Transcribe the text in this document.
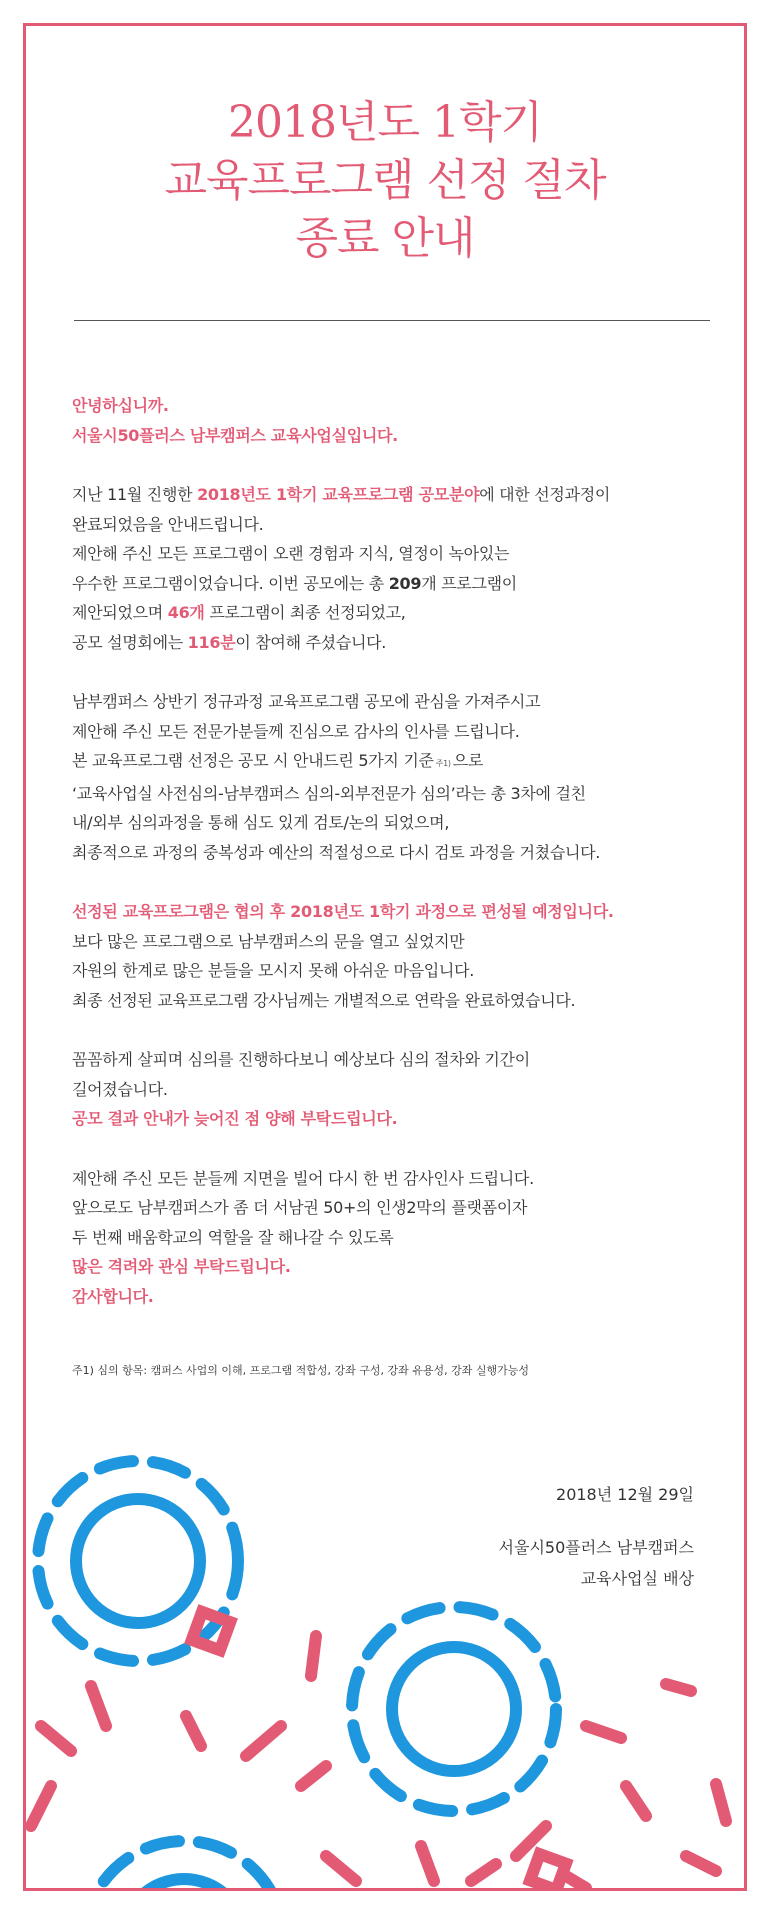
2018년도 1학기
교육프로그램 선정 절차
종료 안내

안녕하십니까.
서울시50플러스 남부캠퍼스 교육사업실입니다.

지난 11월 진행한 2018년도 1학기 교육프로그램 공모분야에 대한 선정과정이
완료되었음을 안내드립니다.
제안해 주신 모든 프로그램이 오랜 경험과 지식, 열정이 녹아있는
우수한 프로그램이었습니다. 이번 공모에는 총 209개 프로그램이
제안되었으며 46개 프로그램이 최종 선정되었고,
공모 설명회에는 116분이 참여해 주셨습니다.

남부캠퍼스 상반기 정규과정 교육프로그램 공모에 관심을 가져주시고
제안해 주신 모든 전문가분들께 진심으로 감사의 인사를 드립니다.
본 교육프로그램 선정은 공모 시 안내드린 5가지 기준 주1) 으로
‘교육사업실 사전심의-남부캠퍼스 심의-외부전문가 심의’라는 총 3차에 걸친
내/외부 심의과정을 통해 심도 있게 검토/논의 되었으며,
최종적으로 과정의 중복성과 예산의 적절성으로 다시 검토 과정을 거쳤습니다.

선정된 교육프로그램은 협의 후 2018년도 1학기 과정으로 편성될 예정입니다.
보다 많은 프로그램으로 남부캠퍼스의 문을 열고 싶었지만
자원의 한계로 많은 분들을 모시지 못해 아쉬운 마음입니다.
최종 선정된 교육프로그램 강사님께는 개별적으로 연락을 완료하였습니다.

꼼꼼하게 살피며 심의를 진행하다보니 예상보다 심의 절차와 기간이
길어졌습니다.
공모 결과 안내가 늦어진 점 양해 부탁드립니다.

제안해 주신 모든 분들께 지면을 빌어 다시 한 번 감사인사 드립니다.
앞으로도 남부캠퍼스가 좀 더 서남권 50+의 인생2막의 플랫폼이자
두 번째 배움학교의 역할을 잘 해나갈 수 있도록
많은 격려와 관심 부탁드립니다.
감사합니다.

주1) 심의 항목: 캠퍼스 사업의 이해, 프로그램 적합성, 강좌 구성, 강좌 유용성, 강좌 실행가능성
2018년 12월 29일
서울시50플러스 남부캠퍼스
교육사업실 배상
